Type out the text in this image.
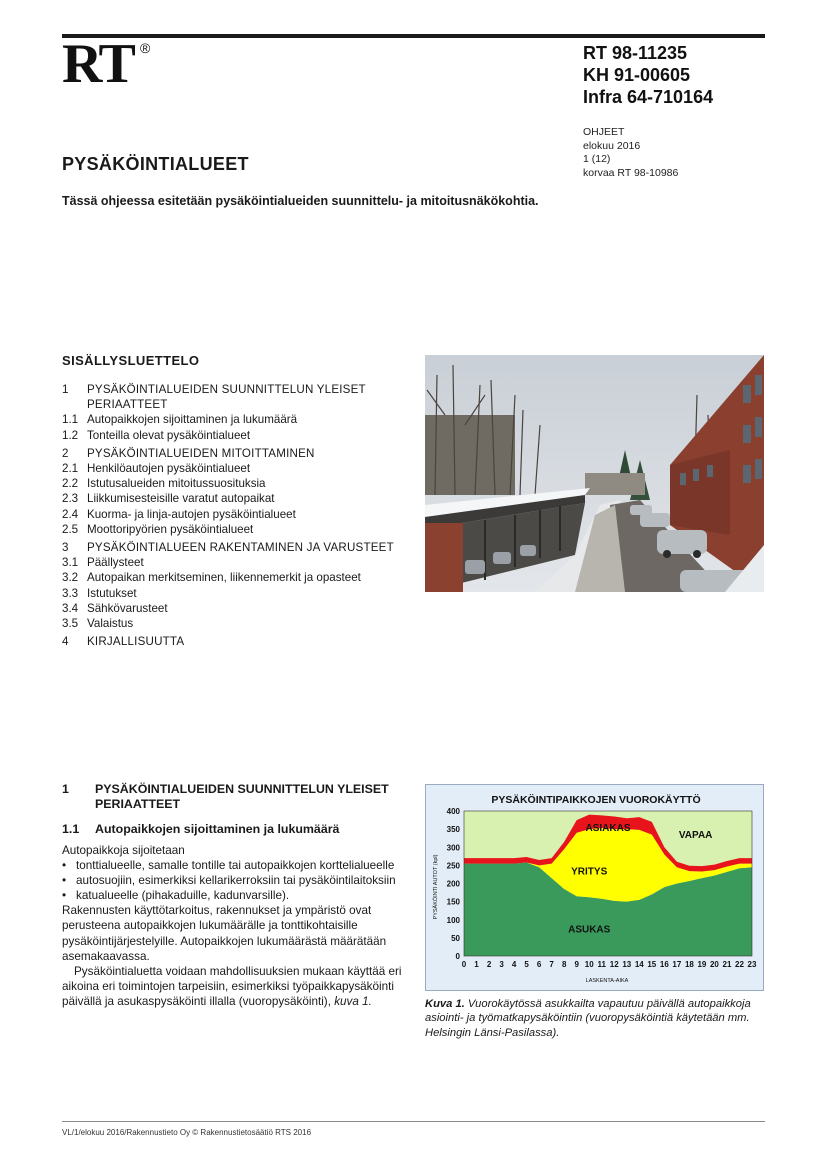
RT ®	RT 98-11235
KH 91-00605
Infra 64-710164
OHJEET
elokuu 2016
1 (12)
korvaa RT 98-10986
PYSÄKÖINTIALUEET
Tässä ohjeessa esitetään pysäköintialueiden suunnittelu- ja mitoitusnäkökohtia.
SISÄLLYSLUETTELO
1	PYSÄKÖINTIALUEIDEN SUUNNITTELUN YLEISET PERIAATTEET
1.1 Autopaikkojen sijoittaminen ja lukumäärä
1.2 Tonteilla olevat pysäköintialueet
2	PYSÄKÖINTIALUEIDEN MITOITTAMINEN
2.1 Henkilöautojen pysäköintialueet
2.2 Istutusalueiden mitoitussuosituksia
2.3 Liikkumisesteisille varatut autopaikat
2.4 Kuorma- ja linja-autojen pysäköintialueet
2.5 Moottoripyörien pysäköintialueet
3	PYSÄKÖINTIALUEEN RAKENTAMINEN JA VARUSTEET
3.1 Päällysteet
3.2 Autopaikan merkitseminen, liikennemerkit ja opasteet
3.3 Istutukset
3.4 Sähkövarusteet
3.5 Valaistus
4	KIRJALLISUUTTA
1	PYSÄKÖINTIALUEIDEN SUUNNITTELUN YLEISET PERIAATTEET
1.1	Autopaikkojen sijoittaminen ja lukumäärä

Autopaikkoja sijoitetaan

• tonttialueelle, samalle tontille tai autopaikkojen korttelialueelle
• autosuojiin, esimerkiksi kellarikerroksiin tai pysäköintilaitoksiin
• katualueelle (pihakaduille, kadunvarsille).

Rakennusten käyttötarkoitus, rakennukset ja ympäristö ovat perusteena autopaikkojen lukumäärälle ja tonttikohtaisille pysäköintijärjestelyille. Autopaikkojen lukumäärästä määrätään asemakaavassa.

Pysäköintialuetta voidaan mahdollisuuksien mukaan käyttää eri aikoina eri toimintojen tarpeisiin, esimerkiksi työpaikkapysäköinti päivällä ja asukaspysäköinti illalla (vuoropysäköinti), kuva 1.

PYSÄKÖINTIPAIKKOJEN VUOROKÄYTTÖ
LASKENTA-AIKA
PYSÄKÖINTI AUTOT (kpl)
0
50
100
150
200
250
300
350
400
0 1 2 3 4 5 6 7 8 9 10 11 12 13 14 15 16 17 18 19 20 21 22 23
ASUKAS
YRITYS
ASIAKAS
VAPAA
Kuva 1. Vuorokäytössä asukkailta vapautuu päivällä autopaikkoja asiointi- ja työmatkapysäköintiin (vuoropysäköintiä käytetään mm. Helsingin Länsi-Pasilassa).
VL/1/elokuu 2016/Rakennustieto Oy © Rakennustietosäätiö RTS 2016
